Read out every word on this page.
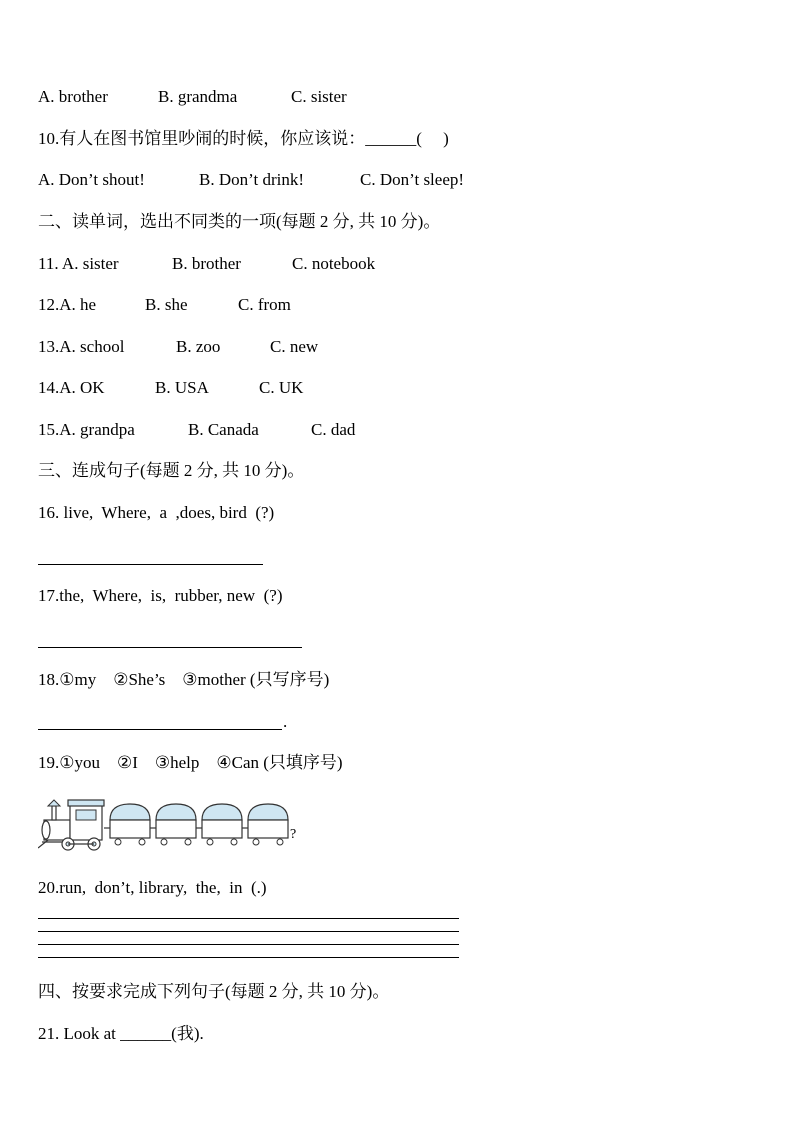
A. brother	B. grandma	C. sister
10.有人在图书馆里吵闹的时候，你应该说：______(     )
A. Don’t shout!	B. Don’t drink!	C. Don’t sleep!
二、读单词，选出不同类的一项(每题 2 分, 共 10 分)。
11. A. sister	B. brother	C. notebook
12.A. he	B. she	C. from
13.A. school	B. zoo	C. new
14.A. OK	B. USA	C. UK
15.A. grandpa	B. Canada	C. dad
三、连成句子(每题 2 分, 共 10 分)。
16. live,  Where,  a  ,does, bird  (?)
17.the,  Where,  is,  rubber, new  (?)
18.①my    ②She’s    ③mother (只写序号)
.
19.①you    ②I    ③help    ④Can (只填序号)
?
20.run,  don’t, library,  the,  in  (.)
四、按要求完成下列句子(每题 2 分, 共 10 分)。
21. Look at ______(我).
